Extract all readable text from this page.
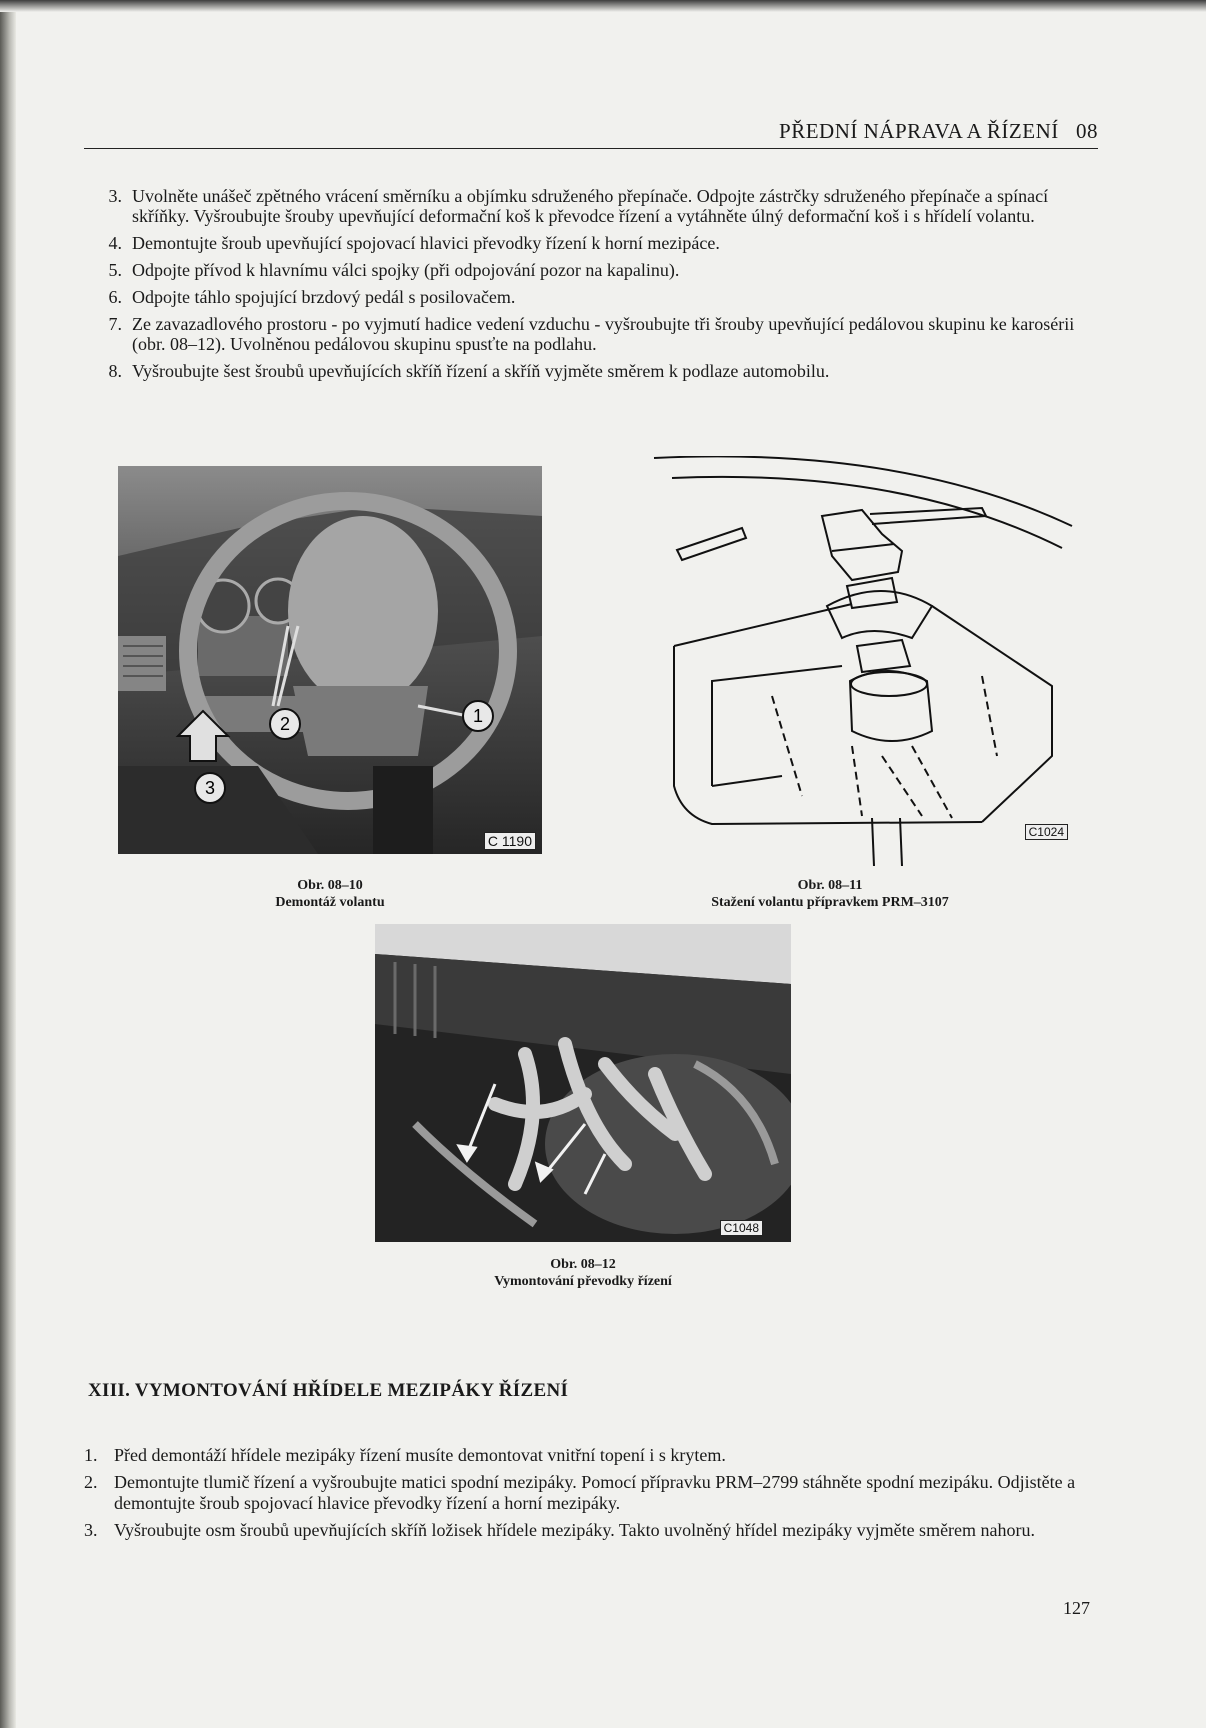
PŘEDNÍ NÁPRAVA A ŘÍZENÍ   08
3. Uvolněte unášeč zpětného vrácení směrníku a objímku sdruženého přepínače. Odpojte zástrčky sdruženého přepínače a spínací skříňky. Vyšroubujte šrouby upevňující deformační koš k převodce řízení a vytáhněte úlný deformační koš i s hřídelí volantu.
4. Demontujte šroub upevňující spojovací hlavici převodky řízení k horní mezipáce.
5. Odpojte přívod k hlavnímu válci spojky (při odpojování pozor na kapalinu).
6. Odpojte táhlo spojující brzdový pedál s posilovačem.
7. Ze zavazadlového prostoru - po vyjmutí hadice vedení vzduchu - vyšroubujte tři šrouby upevňující pedálovou skupinu ke karosérii (obr. 08–12). Uvolněnou pedálovou skupinu spusťte na podlahu.
8. Vyšroubujte šest šroubů upevňujících skříň řízení a skříň vyjměte směrem k podlaze automobilu.
1
2
3
C 1190
Obr. 08–10
Demontáž volantu
C1024
Obr. 08–11
Stažení volantu přípravkem PRM–3107
C1048
Obr. 08–12
Vymontování převodky řízení
XIII. VYMONTOVÁNÍ HŘÍDELE MEZIPÁKY ŘÍZENÍ
1. Před demontáží hřídele mezipáky řízení musíte demontovat vnitřní topení i s krytem.
2. Demontujte tlumič řízení a vyšroubujte matici spodní mezipáky. Pomocí přípravku PRM–2799 stáhněte spodní mezipáku. Odjistěte a demontujte šroub spojovací hlavice převodky řízení a horní mezipáky.
3. Vyšroubujte osm šroubů upevňujících skříň ložisek hřídele mezipáky. Takto uvolněný hřídel mezipáky vyjměte směrem nahoru.
127
